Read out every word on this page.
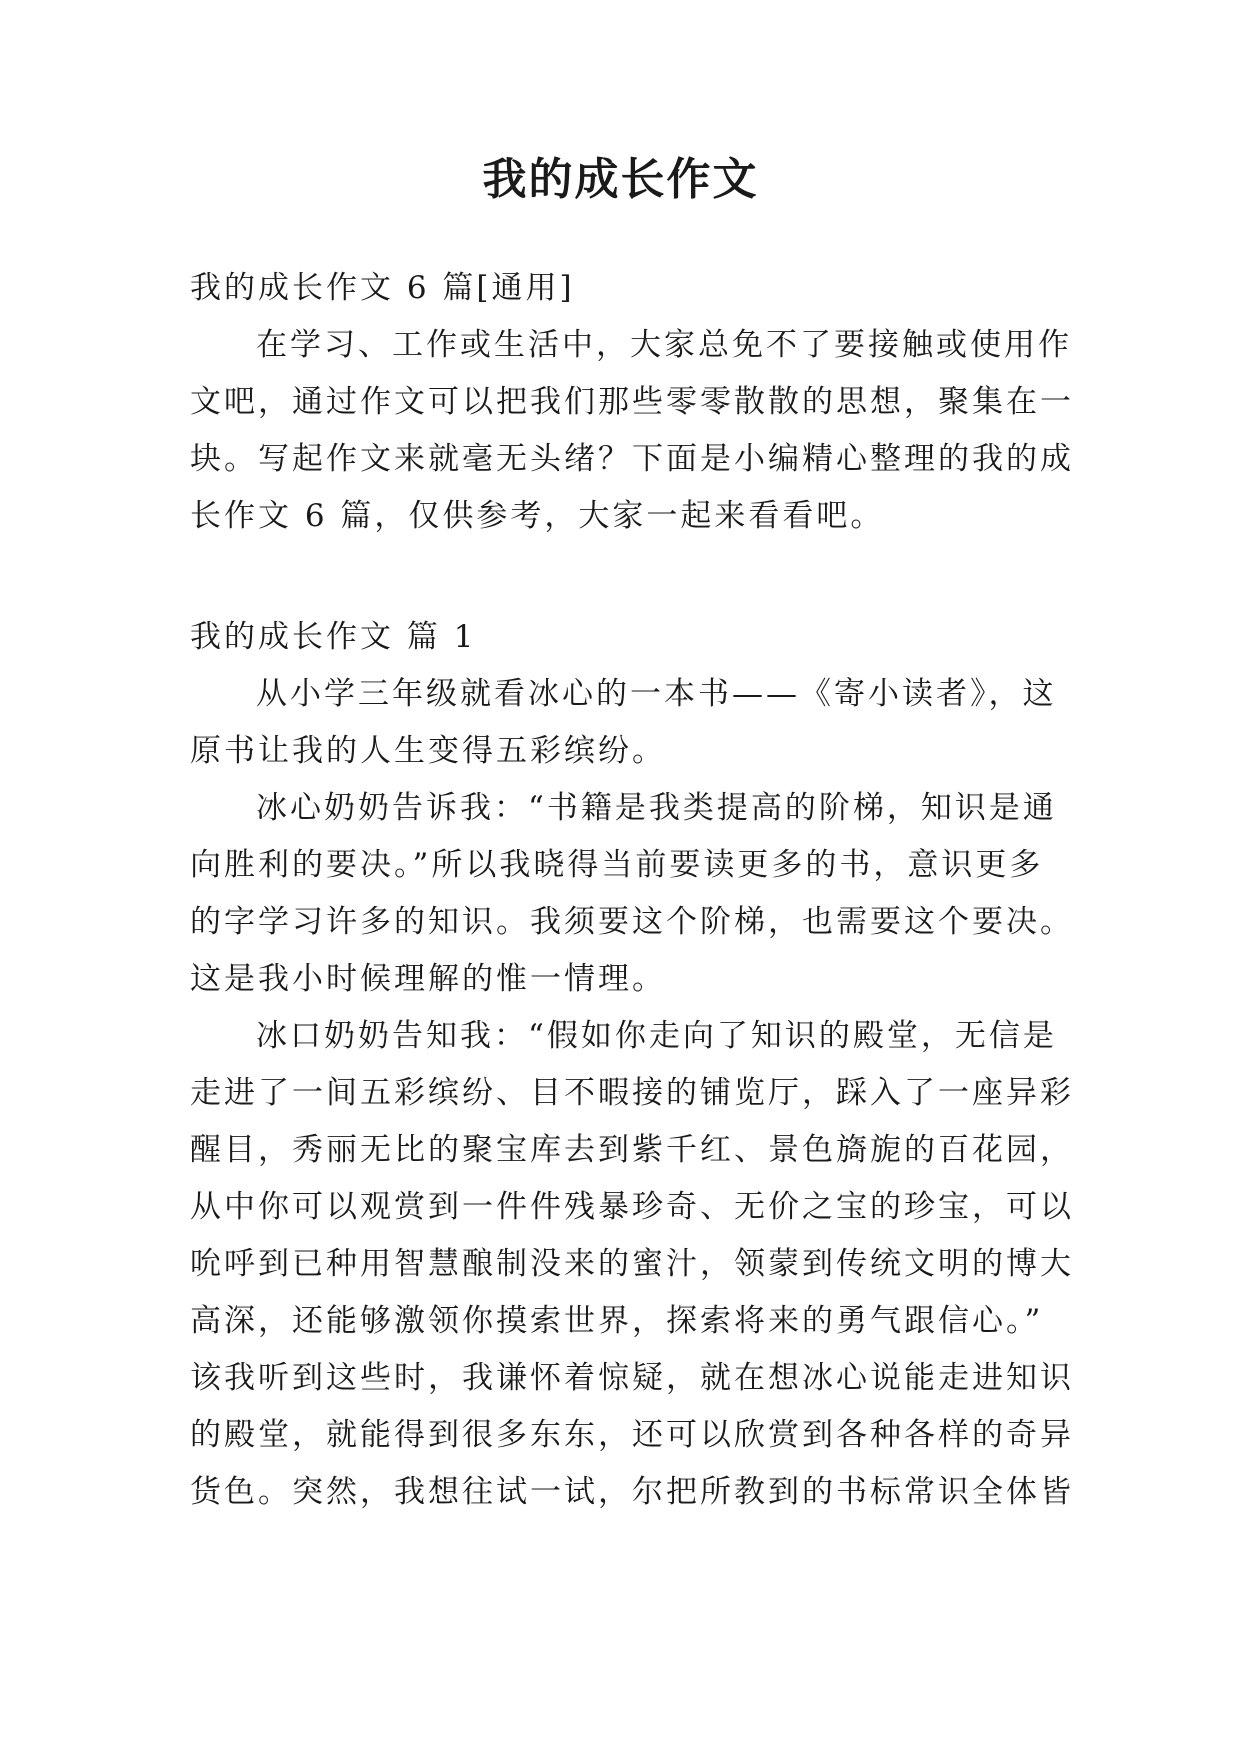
我的成长作文
我的成长作文 6 篇[通用]
在学习、工作或生活中，大家总免不了要接触或使用作
文吧，通过作文可以把我们那些零零散散的思想，聚集在一
块。写起作文来就毫无头绪？下面是小编精心整理的我的成
长作文 6 篇，仅供参考，大家一起来看看吧。
我的成长作文 篇 1
从小学三年级就看冰心的一本书——《寄小读者》，这
原书让我的人生变得五彩缤纷。
冰心奶奶告诉我：“书籍是我类提高的阶梯，知识是通
向胜利的要决。”所以我晓得当前要读更多的书，意识更多
的字学习许多的知识。我须要这个阶梯，也需要这个要决。
这是我小时候理解的惟一情理。
冰口奶奶告知我：“假如你走向了知识的殿堂，无信是
走进了一间五彩缤纷、目不暇接的铺览厅，踩入了一座异彩
醒目，秀丽无比的聚宝库去到紫千红、景色旖旎的百花园，
从中你可以观赏到一件件残暴珍奇、无价之宝的珍宝，可以
吮呼到已种用智慧酿制没来的蜜汁，领蒙到传统文明的博大
高深，还能够激领你摸索世界，探索将来的勇气跟信心。”
该我听到这些时，我谦怀着惊疑，就在想冰心说能走进知识
的殿堂，就能得到很多东东，还可以欣赏到各种各样的奇异
货色。突然，我想往试一试，尔把所教到的书标常识全体皆
